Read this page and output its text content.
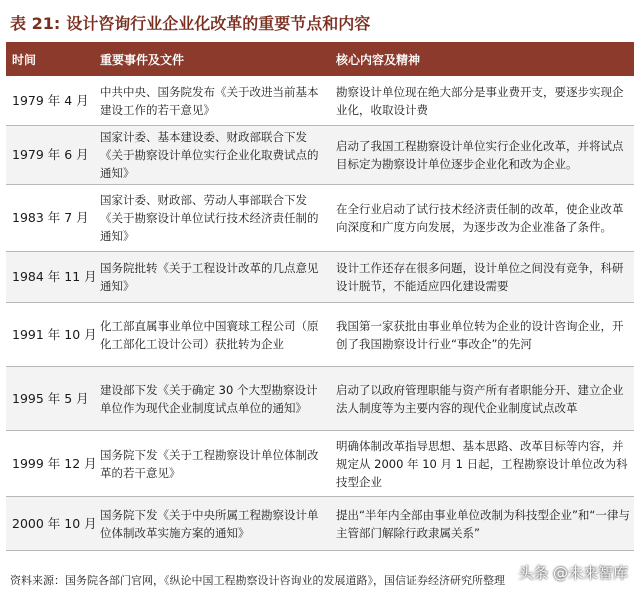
表 21: 设计咨询行业企业化改革的重要节点和内容
时间	重要事件及文件	核心内容及精神
1979 年 4 月
中共中央、国务院发布《关于改进当前基本建设工作的若干意见》
勘察设计单位现在绝大部分是事业费开支，要逐步实现企业化，收取设计费
1979 年 6 月
国家计委、基本建设委、财政部联合下发《关于勘察设计单位实行企业化取费试点的通知》
启动了我国工程勘察设计单位实行企业化改革，并将试点目标定为勘察设计单位逐步企业化和改为企业。
1983 年 7 月
国家计委、财政部、劳动人事部联合下发《关于勘察设计单位试行技术经济责任制的通知》
在全行业启动了试行技术经济责任制的改革，使企业改革向深度和广度方向发展，为逐步改为企业准备了条件。
1984 年 11 月
国务院批转《关于工程设计改革的几点意见通知》
设计工作还存在很多问题，设计单位之间没有竞争，科研设计脱节，不能适应四化建设需要
1991 年 10 月
化工部直属事业单位中国寰球工程公司（原化工部化工设计公司）获批转为企业
我国第一家获批由事业单位转为企业的设计咨询企业，开创了我国勘察设计行业“事改企”的先河
1995 年 5 月
建设部下发《关于确定 30 个大型勘察设计单位作为现代企业制度试点单位的通知》
启动了以政府管理职能与资产所有者职能分开、建立企业法人制度等为主要内容的现代企业制度试点改革
1999 年 12 月
国务院下发《关于工程勘察设计单位体制改革的若干意见》
明确体制改革指导思想、基本思路、改革目标等内容，并规定从 2000 年 10 月 1 日起，工程勘察设计单位改为科技型企业
2000 年 10 月
国务院下发《关于中央所属工程勘察设计单位体制改革实施方案的通知》
提出“半年内全部由事业单位改制为科技型企业”和“一律与主管部门解除行政隶属关系”
资料来源：国务院各部门官网，《纵论中国工程勘察设计咨询业的发展道路》，国信证券经济研究所整理 头条 @未来智库
